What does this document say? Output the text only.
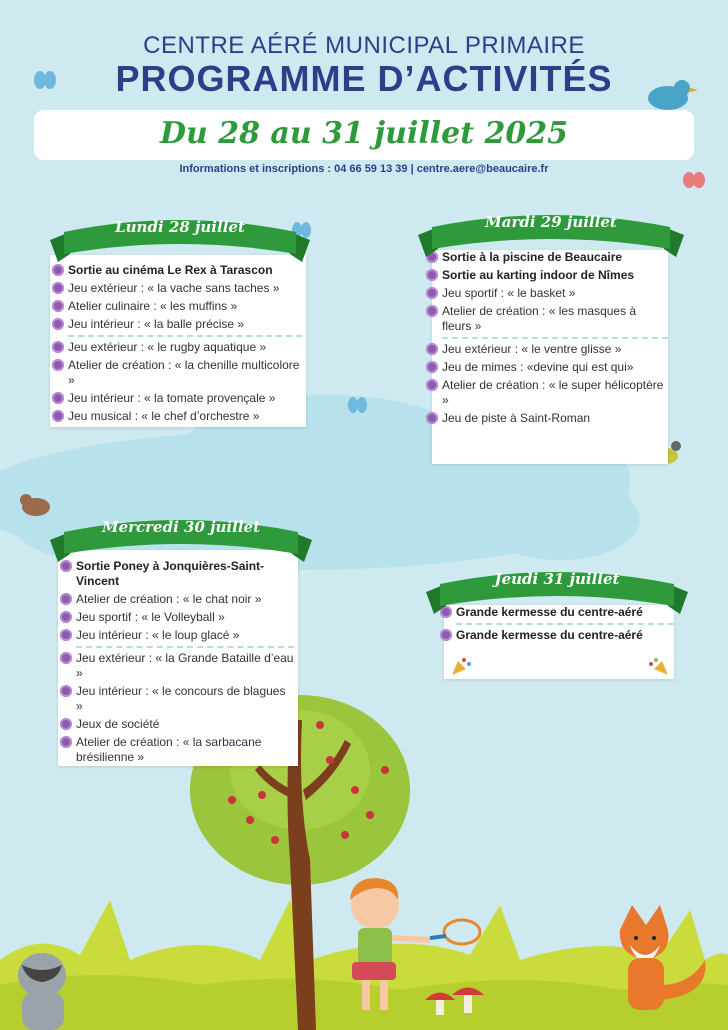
CENTRE AÉRÉ MUNICIPAL PRIMAIRE
PROGRAMME D’ACTIVITÉS
Du 28 au 31 juillet 2025
Informations et inscriptions : 04 66 59 13 39 | centre.aere@beaucaire.fr
Sortie au cinéma Le Rex à Tarascon
Jeu extérieur : « la vache sans taches »
Atelier culinaire : « les muffins »
Jeu intérieur : « la balle précise »
Jeu extérieur : « le rugby aquatique »
Atelier de création : « la chenille multicolore »
Jeu intérieur : « la tomate provençale »
Jeu musical : « le chef d’orchestre »
Lundi 28 juillet
Sortie à la piscine de Beaucaire
Sortie au karting indoor de Nîmes
Jeu sportif : « le basket »
Atelier de création : « les masques à fleurs »
Jeu extérieur : « le ventre glisse »
Jeu de mimes : «devine qui est qui»
Atelier de création : « le super hélicoptère »
Jeu de piste à Saint-Roman
Mardi 29 juillet
Sortie Poney à Jonquières-Saint-Vincent
Atelier de création : « le chat noir »
Jeu sportif : « le Volleyball »
Jeu intérieur : « le loup glacé »
Jeu extérieur : « la Grande Bataille d’eau »
Jeu intérieur : « le concours de blagues »
Jeux de société
Atelier de création : « la sarbacane brésilienne »
Mercredi 30 juillet
Grande kermesse du centre-aéré
Grande kermesse du centre-aéré
Jeudi 31 juillet
